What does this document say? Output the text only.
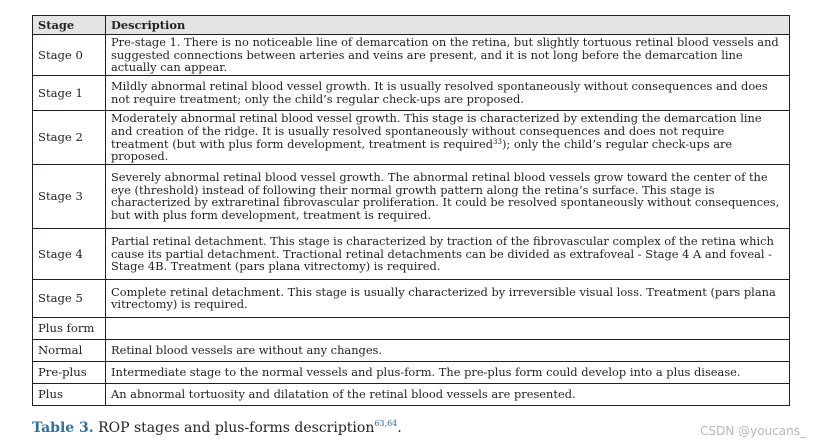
Stage	Description
Stage 0	Pre-stage 1. There is no noticeable line of demarcation on the retina, but slightly tortuous retinal blood vessels and suggested connections between arteries and veins are present, and it is not long before the demarcation line actually can appear.
Stage 1	Mildly abnormal retinal blood vessel growth. It is usually resolved spontaneously without consequences and does not require treatment; only the child’s regular check-ups are proposed.
Stage 2	Moderately abnormal retinal blood vessel growth. This stage is characterized by extending the demarcation line and creation of the ridge. It is usually resolved spontaneously without consequences and does not require treatment (but with plus form development, treatment is required$^{33}$); only the child’s regular check-ups are proposed.
Stage 3	Severely abnormal retinal blood vessel growth. The abnormal retinal blood vessels grow toward the center of the eye (threshold) instead of following their normal growth pattern along the retina’s surface. This stage is characterized by extraretinal fibrovascular proliferation. It could be resolved spontaneously without consequences, but with plus form development, treatment is required.
Stage 4	Partial retinal detachment. This stage is characterized by traction of the fibrovascular complex of the retina which cause its partial detachment. Tractional retinal detachments can be divided as extrafoveal - Stage 4 A and foveal - Stage 4B. Treatment (pars plana vitrectomy) is required.
Stage 5	Complete retinal detachment. This stage is usually characterized by irreversible visual loss. Treatment (pars plana vitrectomy) is required.
Plus form	
Normal	Retinal blood vessels are without any changes.
Pre-plus	Intermediate stage to the normal vessels and plus-form. The pre-plus form could develop into a plus disease.
Plus	An abnormal tortuosity and dilatation of the retinal blood vessels are presented.
Table 3. ROP stages and plus-forms description$^{63,64}$.	CSDN @youcans_
